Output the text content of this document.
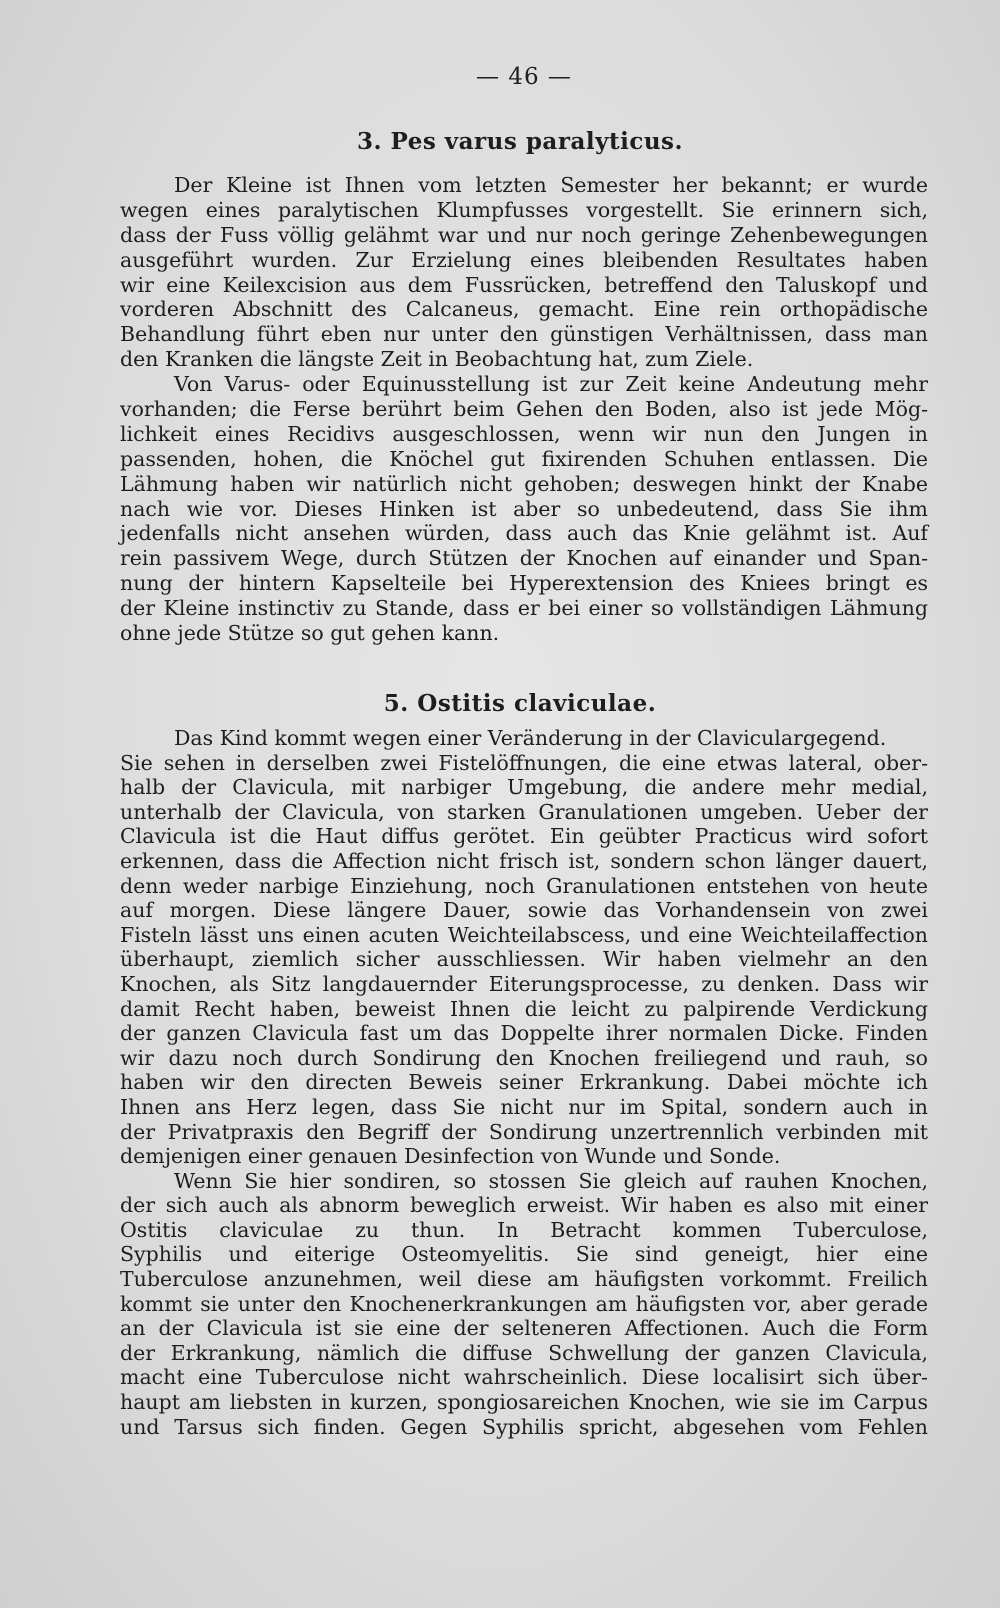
— 46 —
3. Pes varus paralyticus.
Der Kleine ist Ihnen vom letzten Semester her bekannt; er wurde
wegen eines paralytischen Klumpfusses vorgestellt. Sie erinnern sich,
dass der Fuss völlig gelähmt war und nur noch geringe Zehenbewegungen
ausgeführt wurden. Zur Erzielung eines bleibenden Resultates haben
wir eine Keilexcision aus dem Fussrücken, betreffend den Taluskopf und
vorderen Abschnitt des Calcaneus, gemacht. Eine rein orthopädische
Behandlung führt eben nur unter den günstigen Verhältnissen, dass man
den Kranken die längste Zeit in Beobachtung hat, zum Ziele.
Von Varus- oder Equinusstellung ist zur Zeit keine Andeutung mehr
vorhanden; die Ferse berührt beim Gehen den Boden, also ist jede Mög-
lichkeit eines Recidivs ausgeschlossen, wenn wir nun den Jungen in
passenden, hohen, die Knöchel gut fixirenden Schuhen entlassen. Die
Lähmung haben wir natürlich nicht gehoben; deswegen hinkt der Knabe
nach wie vor. Dieses Hinken ist aber so unbedeutend, dass Sie ihm
jedenfalls nicht ansehen würden, dass auch das Knie gelähmt ist. Auf
rein passivem Wege, durch Stützen der Knochen auf einander und Span-
nung der hintern Kapselteile bei Hyperextension des Kniees bringt es
der Kleine instinctiv zu Stande, dass er bei einer so vollständigen Lähmung
ohne jede Stütze so gut gehen kann.
5. Ostitis claviculae.
Das Kind kommt wegen einer Veränderung in der Claviculargegend.
Sie sehen in derselben zwei Fistelöffnungen, die eine etwas lateral, ober-
halb der Clavicula, mit narbiger Umgebung, die andere mehr medial,
unterhalb der Clavicula, von starken Granulationen umgeben. Ueber der
Clavicula ist die Haut diffus gerötet. Ein geübter Practicus wird sofort
erkennen, dass die Affection nicht frisch ist, sondern schon länger dauert,
denn weder narbige Einziehung, noch Granulationen entstehen von heute
auf morgen. Diese längere Dauer, sowie das Vorhandensein von zwei
Fisteln lässt uns einen acuten Weichteilabscess, und eine Weichteilaffection
überhaupt, ziemlich sicher ausschliessen. Wir haben vielmehr an den
Knochen, als Sitz langdauernder Eiterungsprocesse, zu denken. Dass wir
damit Recht haben, beweist Ihnen die leicht zu palpirende Verdickung
der ganzen Clavicula fast um das Doppelte ihrer normalen Dicke. Finden
wir dazu noch durch Sondirung den Knochen freiliegend und rauh, so
haben wir den directen Beweis seiner Erkrankung. Dabei möchte ich
Ihnen ans Herz legen, dass Sie nicht nur im Spital, sondern auch in
der Privatpraxis den Begriff der Sondirung unzertrennlich verbinden mit
demjenigen einer genauen Desinfection von Wunde und Sonde.
Wenn Sie hier sondiren, so stossen Sie gleich auf rauhen Knochen,
der sich auch als abnorm beweglich erweist. Wir haben es also mit einer
Ostitis claviculae zu thun. In Betracht kommen Tuberculose,
Syphilis und eiterige Osteomyelitis. Sie sind geneigt, hier eine
Tuberculose anzunehmen, weil diese am häufigsten vorkommt. Freilich
kommt sie unter den Knochenerkrankungen am häufigsten vor, aber gerade
an der Clavicula ist sie eine der selteneren Affectionen. Auch die Form
der Erkrankung, nämlich die diffuse Schwellung der ganzen Clavicula,
macht eine Tuberculose nicht wahrscheinlich. Diese localisirt sich über-
haupt am liebsten in kurzen, spongiosareichen Knochen, wie sie im Carpus
und Tarsus sich finden. Gegen Syphilis spricht, abgesehen vom Fehlen
